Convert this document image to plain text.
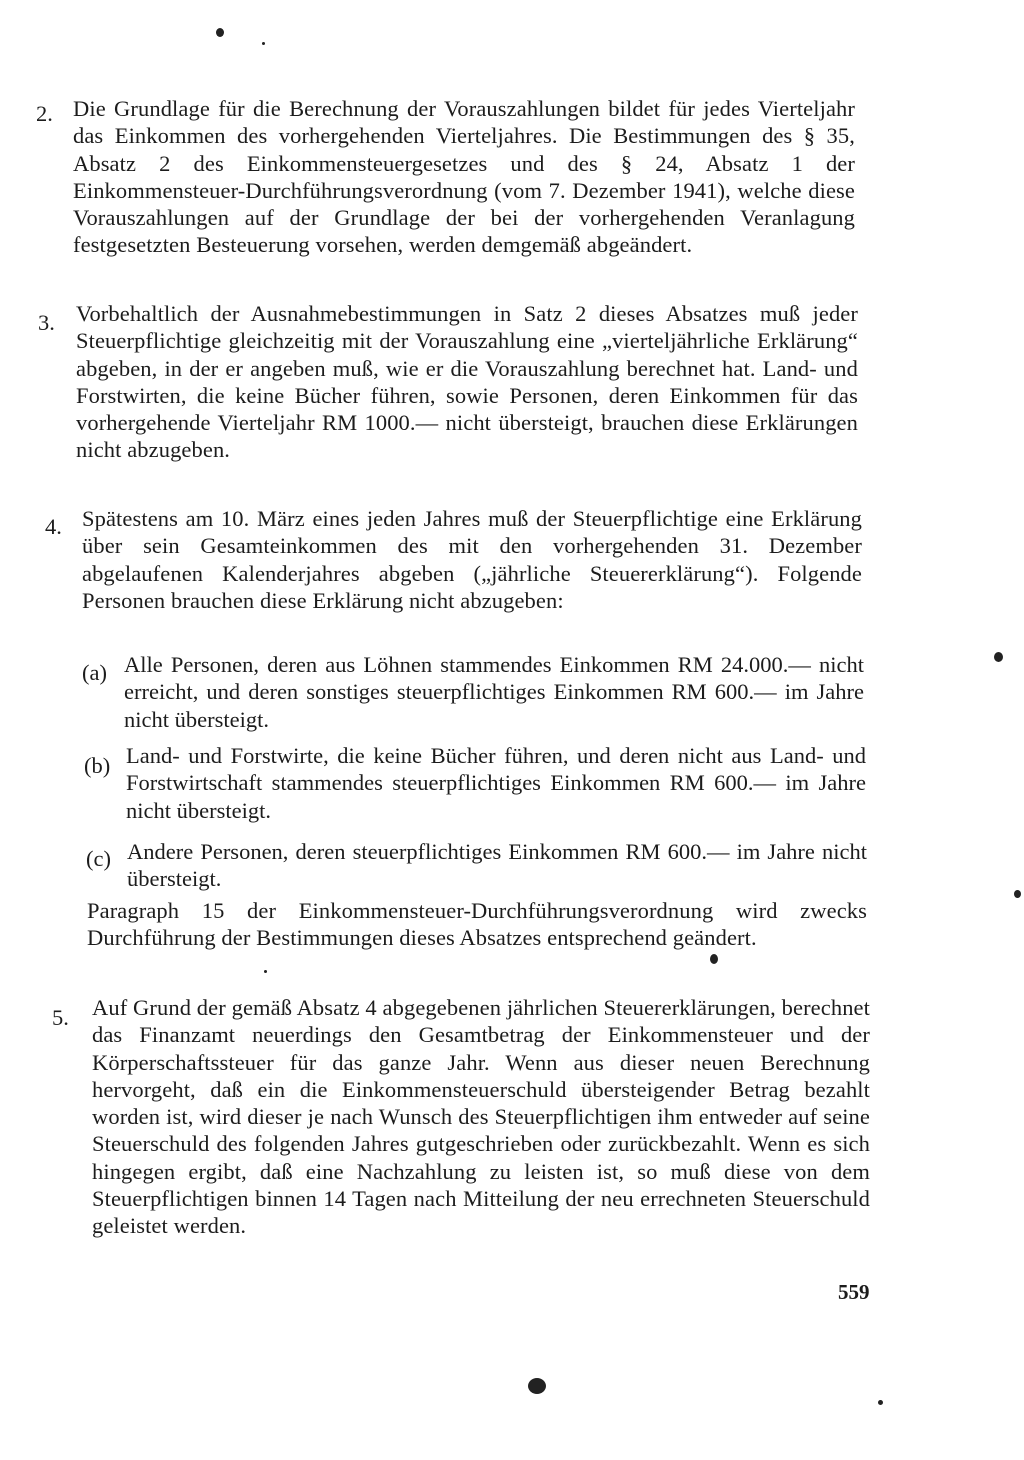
2. Die Grundlage für die Berechnung der Vorauszahlungen bildet für jedes Vierteljahr das Einkommen des vorhergehenden Vierteljahres. Die Bestimmungen des § 35, Absatz 2 des Einkommensteuergesetzes und des § 24, Absatz 1 der Einkommensteuer-Durchführungsverordnung (vom 7. Dezember 1941), welche diese Vorauszahlungen auf der Grundlage der bei der vorhergehenden Veranlagung festgesetzten Besteuerung vorsehen, werden demgemäß abgeändert.
3. Vorbehaltlich der Ausnahmebestimmungen in Satz 2 dieses Absatzes muß jeder Steuerpflichtige gleichzeitig mit der Vorauszahlung eine „vierteljährliche Erklärung“ abgeben, in der er angeben muß, wie er die Vorauszahlung berechnet hat. Land- und Forstwirten, die keine Bücher führen, sowie Personen, deren Einkommen für das vorhergehende Vierteljahr RM 1000.— nicht übersteigt, brauchen diese Erklärungen nicht abzugeben.
4. Spätestens am 10. März eines jeden Jahres muß der Steuerpflichtige eine Erklärung über sein Gesamteinkommen des mit den vorhergehenden 31. Dezember abgelaufenen Kalenderjahres abgeben („jährliche Steuererklärung“). Folgende Personen brauchen diese Erklärung nicht abzugeben:
(a) Alle Personen, deren aus Löhnen stammendes Einkommen RM 24.000.— nicht erreicht, und deren sonstiges steuerpflichtiges Einkommen RM 600.— im Jahre nicht übersteigt.
(b) Land- und Forstwirte, die keine Bücher führen, und deren nicht aus Land- und Forstwirtschaft stammendes steuerpflichtiges Einkommen RM 600.— im Jahre nicht übersteigt.
(c) Andere Personen, deren steuerpflichtiges Einkommen RM 600.— im Jahre nicht übersteigt.
Paragraph 15 der Einkommensteuer-Durchführungsverordnung wird zwecks Durchführung der Bestimmungen dieses Absatzes entsprechend geändert.
5. Auf Grund der gemäß Absatz 4 abgegebenen jährlichen Steuererklärungen, berechnet das Finanzamt neuerdings den Gesamtbetrag der Einkommensteuer und der Körperschaftssteuer für das ganze Jahr. Wenn aus dieser neuen Berechnung hervorgeht, daß ein die Einkommensteuerschuld übersteigender Betrag bezahlt worden ist, wird dieser je nach Wunsch des Steuerpflichtigen ihm entweder auf seine Steuerschuld des folgenden Jahres gutgeschrieben oder zurückbezahlt. Wenn es sich hingegen ergibt, daß eine Nachzahlung zu leisten ist, so muß diese von dem Steuerpflichtigen binnen 14 Tagen nach Mitteilung der neu errechneten Steuerschuld geleistet werden.
559
